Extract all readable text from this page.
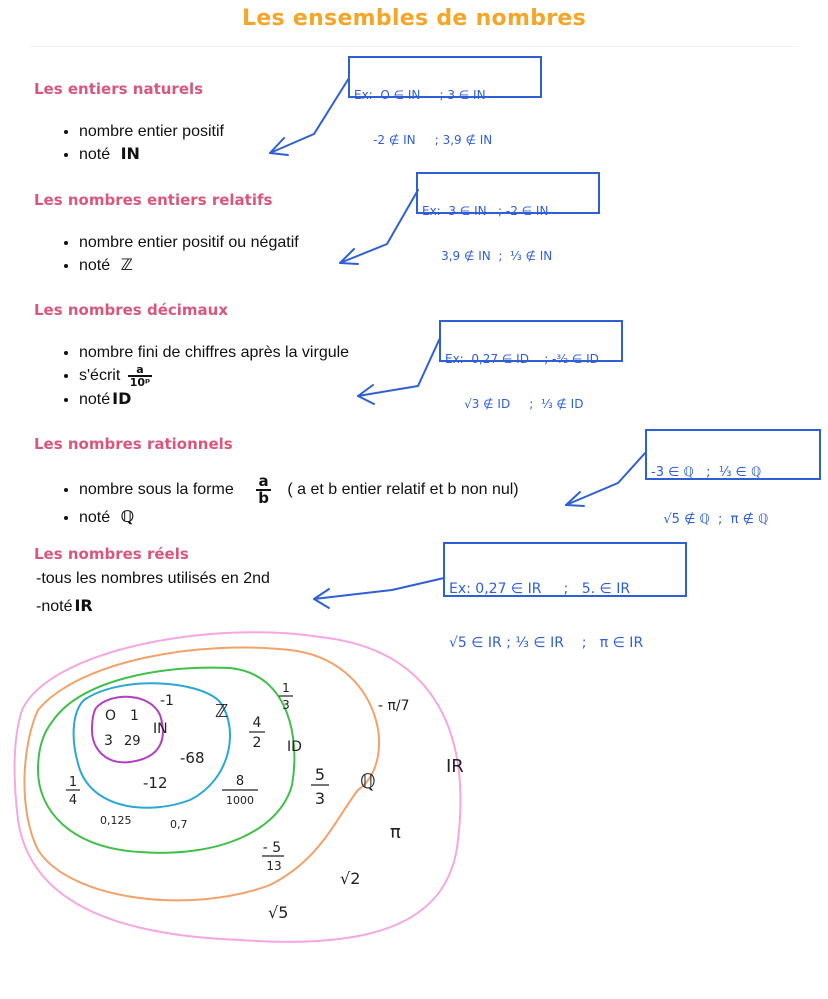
Les ensembles de nombres
Les entiers naturels
• nombre entier positif
• noté IN
Les nombres entiers relatifs
• nombre entier positif ou négatif
• noté ℤ
Les nombres décimaux
• nombre fini de chiffres après la virgule
• s'écrit $\frac{a}{\text{10ᵖ}}$
• noté ID
Les nombres rationnels
• nombre sous la forme $\frac{a}{b}$ ( a et b entier relatif et b non nul)
• noté ℚ
Les nombres réels
-tous les nombres utilisés en 2nd
-noté IR

Ex:  O ∈ IN     ; 3 ∈ IN

-2 ∉ IN     ; 3,9 ∉ IN

Ex:  3 ∈ IN   ; -2 ∈ IN

3,9 ∉ IN  ;  ⅓ ∉ IN

Ex:  0,27 ∈ ID    ; -³⁄₂ ∈ ID

√3 ∉ ID     ;  ⅓ ∉ ID

-3 ∈ ℚ   ;  ⅓ ∈ ℚ

√5 ∉ ℚ  ;  π ∉ ℚ

Ex: 0,27 ∈ IR     ;   5. ∈ IR

√5 ∈ IR ; ⅓ ∈ IR    ;   π ∈ IR

IN
ℤ
ID
ℚ
IR
O 1
3 29
-1
-68
-12
0,125	0,7
1
4
8
1000
4
2
1
3
5
3
- 5
13
- π/7
π
√2
√5
